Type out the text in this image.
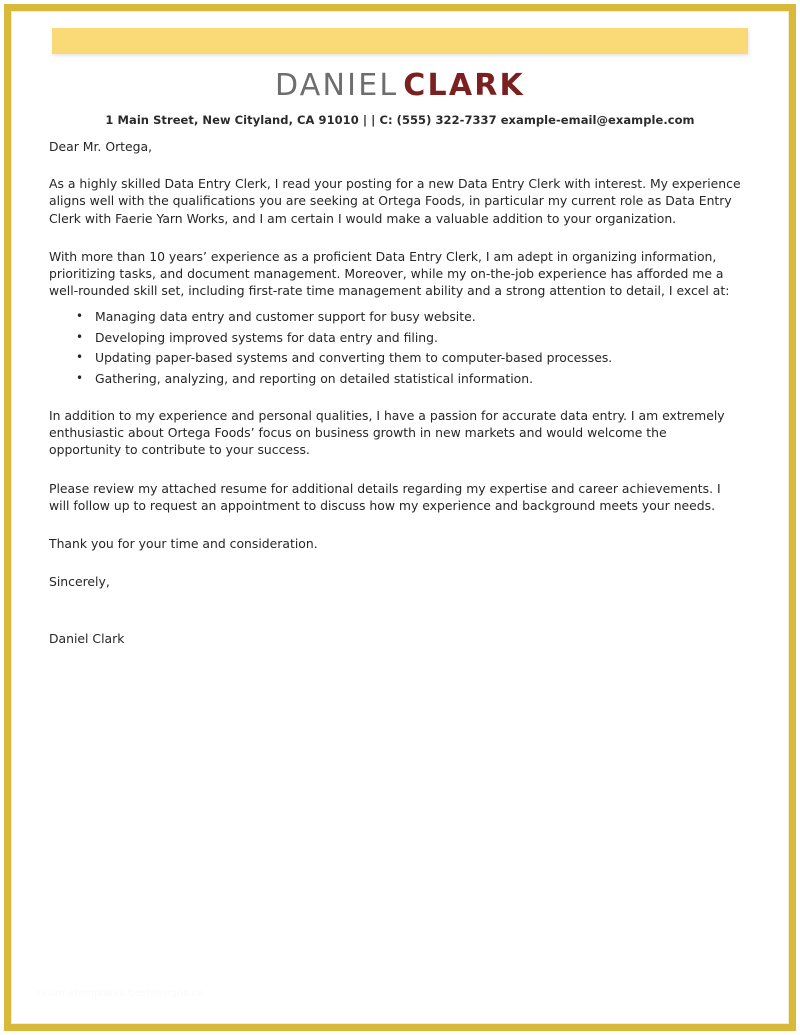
DANIEL CLARK
1 Main Street, New Cityland, CA 91010 | | C: (555) 322-7337 example-email@example.com

Dear Mr. Ortega,

As a highly skilled Data Entry Clerk, I read your posting for a new Data Entry Clerk with interest. My experience aligns well with the qualifications you are seeking at Ortega Foods, in particular my current role as Data Entry Clerk with Faerie Yarn Works, and I am certain I would make a valuable addition to your organization.

With more than 10 years’ experience as a proficient Data Entry Clerk, I am adept in organizing information, prioritizing tasks, and document management. Moreover, while my on-the-job experience has afforded me a well-rounded skill set, including first-rate time management ability and a strong attention to detail, I excel at:

• Managing data entry and customer support for busy website.
• Developing improved systems for data entry and filing.
• Updating paper-based systems and converting them to computer-based processes.
• Gathering, analyzing, and reporting on detailed statistical information.

In addition to my experience and personal qualities, I have a passion for accurate data entry. I am extremely enthusiastic about Ortega Foods’ focus on business growth in new markets and would welcome the opportunity to contribute to your success.

Please review my attached resume for additional details regarding my expertise and career achievements. I will follow up to request an appointment to discuss how my experience and background meets your needs.

Thank you for your time and consideration.

Sincerely,

Daniel Clark

resumetemplates.bestdesigns.co
